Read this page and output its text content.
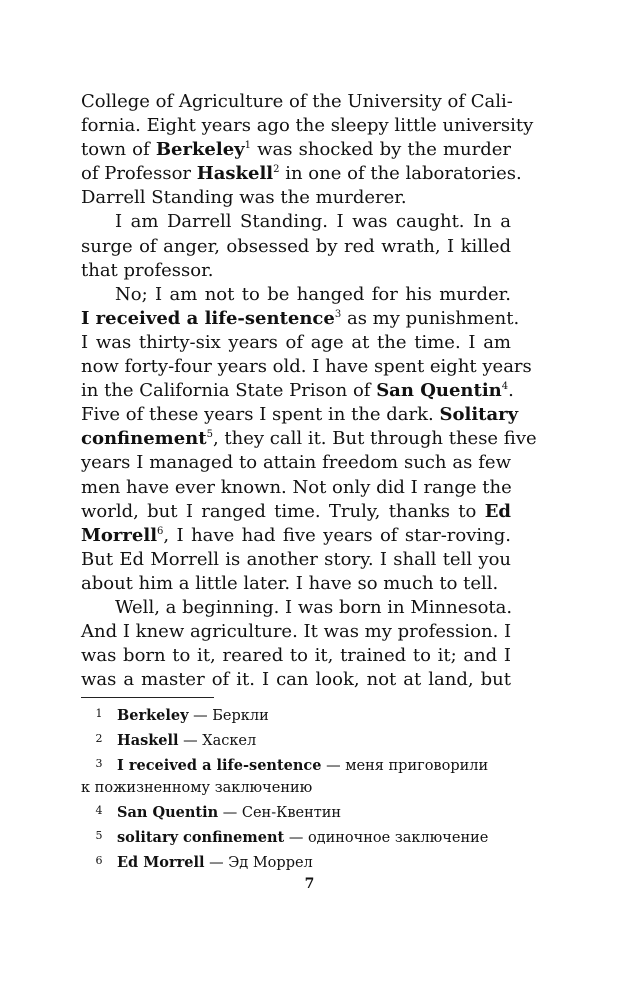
College of Agriculture of the University of Cali-
fornia. Eight years ago the sleepy little university
town of Berkeley$^1$ was shocked by the murder
of Professor Haskell$^2$ in one of the laboratories.
Darrell Standing was the murderer.
I am Darrell Standing. I was caught. In a
surge of anger, obsessed by red wrath, I killed
that professor.
No; I am not to be hanged for his murder.
I received a life-sentence$^3$ as my punishment.
I was thirty-six years of age at the time. I am
now forty-four years old. I have spent eight years
in the California State Prison of San Quentin$^4$.
Five of these years I spent in the dark. Solitary
confinement$^5$, they call it. But through these five
years I managed to attain freedom such as few
men have ever known. Not only did I range the
world, but I ranged time. Truly, thanks to Ed
Morrell$^6$, I have had five years of star-roving.
But Ed Morrell is another story. I shall tell you
about him a little later. I have so much to tell.
Well, a beginning. I was born in Minnesota.
And I knew agriculture. It was my profession. I
was born to it, reared to it, trained to it; and I
was a master of it. I can look, not at land, but
1 Berkeley — Беркли
2 Haskell — Хаскел
3 I received a life-sentence — меня приговорили
к пожизненному заключению
4 San Quentin — Сен-Квентин
5 solitary confinement — одиночное заключение
6 Ed Morrell — Эд Моррел
7
